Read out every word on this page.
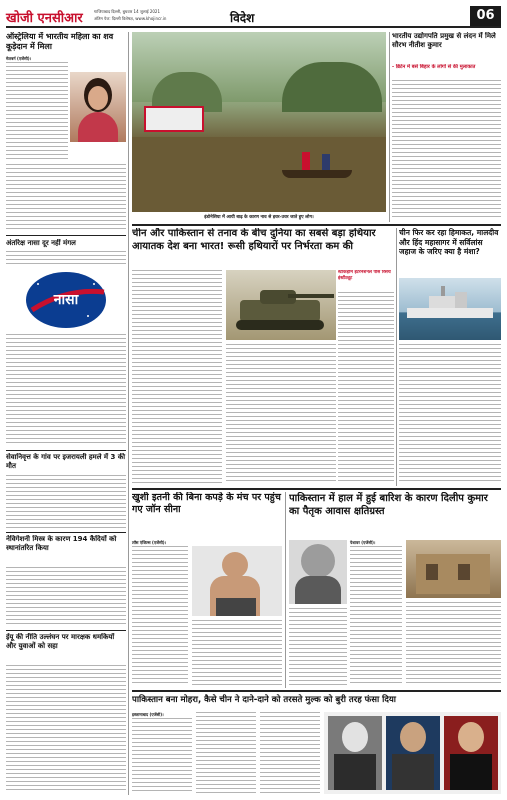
खोजी एनसीआर	गाजियाबाद दिल्ली, बुधवार 14 जुलाई 2021
अंतिम पेज: दिल्ली विशेषज्ञ, www.khojincr.in	विदेश	06
ऑस्ट्रेलिया में भारतीय महिला का शव कूड़ेदान में मिला
मेलबर्न (एजेंसी)।
अंतरिक्ष नासा दूर नहीं मंगल
नासा
सेवानिवृत्त के गांव पर इजरायली हमले में 3 की मौत
नेविगेशनी मिस्त्र के कारण 194 कैदियों को स्थानांतरित किया
ईयू की नीति उल्लंघन पर मारक्षक धमकियों और युवाओं को सहा
इंडोनेशिया में आयी बाढ़ के कारण नाव से इधर-उधर जाते हुए लोग।
भारतीय उद्योगपति प्रमुख से लंदन में मिले सौरभ नीतीश कुमार
- ब्रिटेन में बसे बिहार के लोगों से की मुलाकात
चीन और पाकिस्तान से तनाव के बीच दुनिया का सबसे बड़ा हथियार आयातक देश बना भारत! रूसी हथियारों पर निर्भरता कम की
स्टॉकहोम इंटरनेशनल पीस रिसर्च इंस्टीट्यूट
चीन फिर कर रहा हिमाकत, मालदीव और हिंद महासागर में सर्विलांस जहाज के जरिए क्या है मंशा?
खुशी इतनी की बिना कपड़े के मंच पर पहुंच गए जॉन सीना
लॉस एंजिल्स (एजेंसी)।
पाकिस्तान में हाल में हुई बारिश के कारण दिलीप कुमार का पैतृक आवास क्षतिग्रस्त
पेशावर (एजेंसी)।
पाकिस्तान बना मोहरा, कैसे चीन ने दाने-दाने को तरसते मुल्क को बुरी तरह फंसा दिया
इस्लामाबाद (एजेंसी)।
